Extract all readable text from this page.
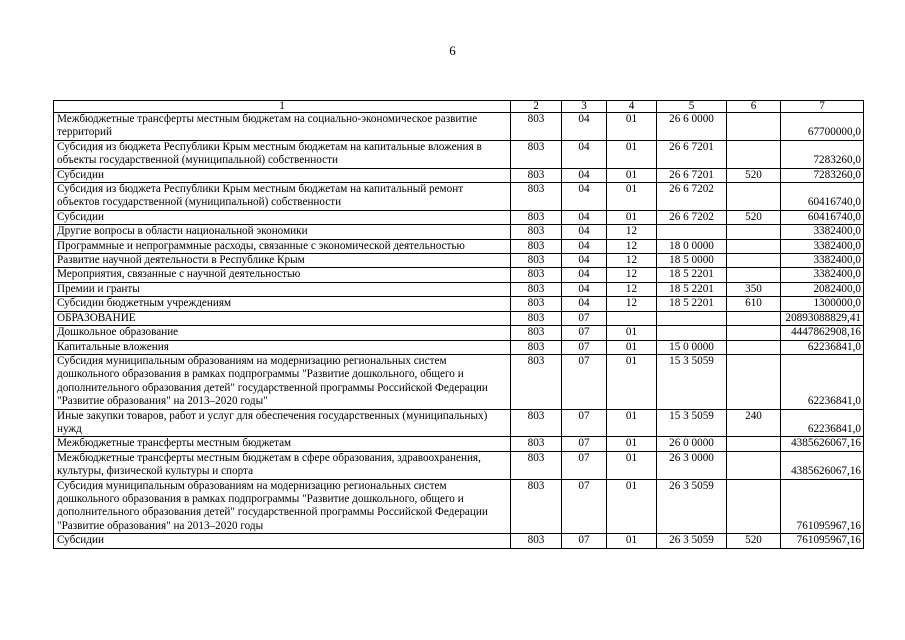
6
1	2	3	4	5	6	7
Межбюджетные трансферты местным бюджетам на социально-экономическое развитие территорий	803	04	01	26 6 0000		67700000,0
Субсидия из бюджета Республики Крым местным бюджетам на капитальные вложения в объекты государственной (муниципальной) собственности	803	04	01	26 6 7201		7283260,0
Субсидии	803	04	01	26 6 7201	520	7283260,0
Субсидия из бюджета Республики Крым местным бюджетам на капитальный ремонт объектов государственной (муниципальной) собственности	803	04	01	26 6 7202		60416740,0
Субсидии	803	04	01	26 6 7202	520	60416740,0
Другие вопросы в области национальной экономики	803	04	12			3382400,0
Программные и непрограммные расходы, связанные с экономической деятельностью	803	04	12	18 0 0000		3382400,0
Развитие научной деятельности в Республике Крым	803	04	12	18 5 0000		3382400,0
Мероприятия, связанные с научной деятельностью	803	04	12	18 5 2201		3382400,0
Премии и гранты	803	04	12	18 5 2201	350	2082400,0
Субсидии бюджетным учреждениям	803	04	12	18 5 2201	610	1300000,0
ОБРАЗОВАНИЕ	803	07				20893088829,41
Дошкольное образование	803	07	01			4447862908,16
Капитальные вложения	803	07	01	15 0 0000		62236841,0
Субсидия муниципальным образованиям на модернизацию региональных систем дошкольного образования в рамках подпрограммы "Развитие дошкольного, общего и дополнительного образования детей" государственной программы Российской Федерации "Развитие образования" на 2013–2020 годы"	803	07	01	15 3 5059		62236841,0
Иные закупки товаров, работ и услуг для обеспечения государственных (муниципальных) нужд	803	07	01	15 3 5059	240	62236841,0
Межбюджетные трансферты местным бюджетам	803	07	01	26 0 0000		4385626067,16
Межбюджетные трансферты местным бюджетам в сфере образования, здравоохранения, культуры, физической культуры и спорта	803	07	01	26 3 0000		4385626067,16
Субсидия муниципальным образованиям на модернизацию региональных систем дошкольного образования в рамках подпрограммы "Развитие дошкольного, общего и дополнительного образования детей" государственной программы Российской Федерации "Развитие образования" на 2013–2020 годы	803	07	01	26 3 5059		761095967,16
Субсидии	803	07	01	26 3 5059	520	761095967,16
